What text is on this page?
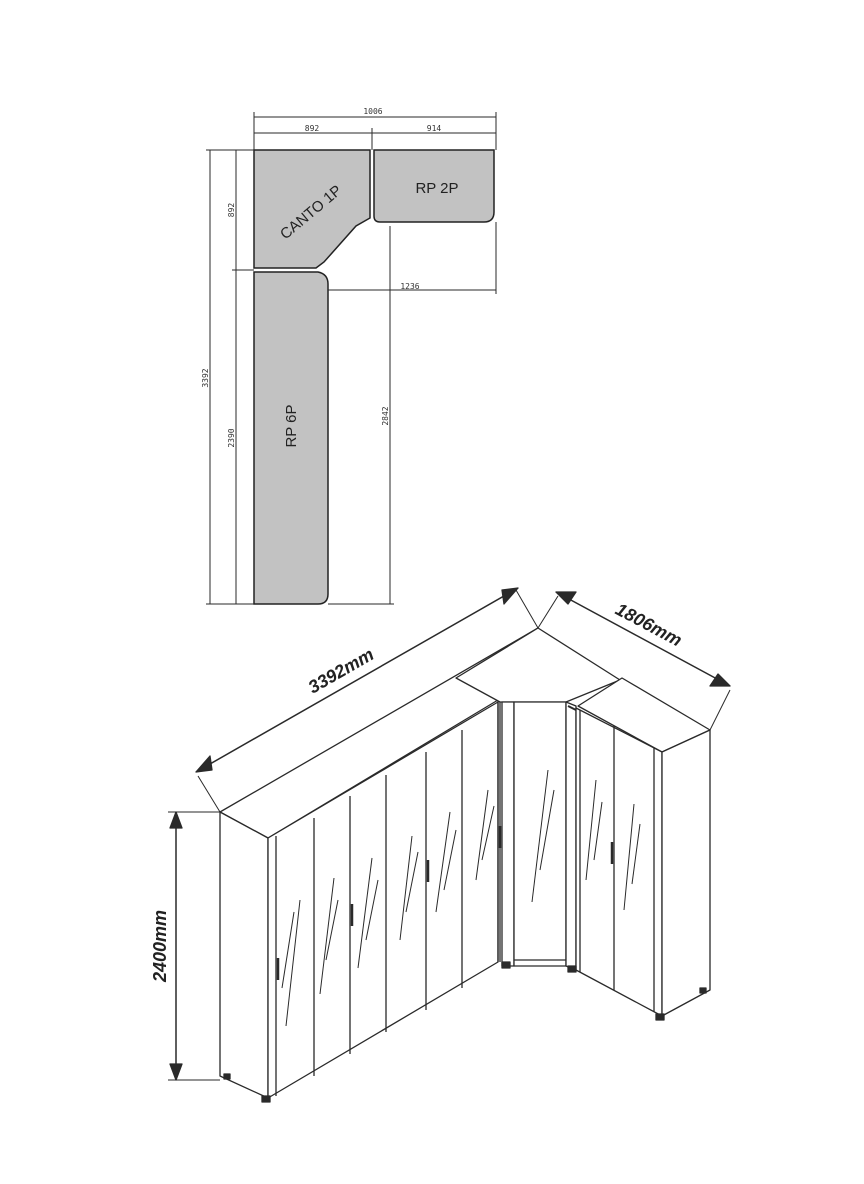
1006
892	914
892
3392
2390
1236
2842
CANTO 1P	RP 2P
RP 6P
3392mm
1806mm
2400mm
